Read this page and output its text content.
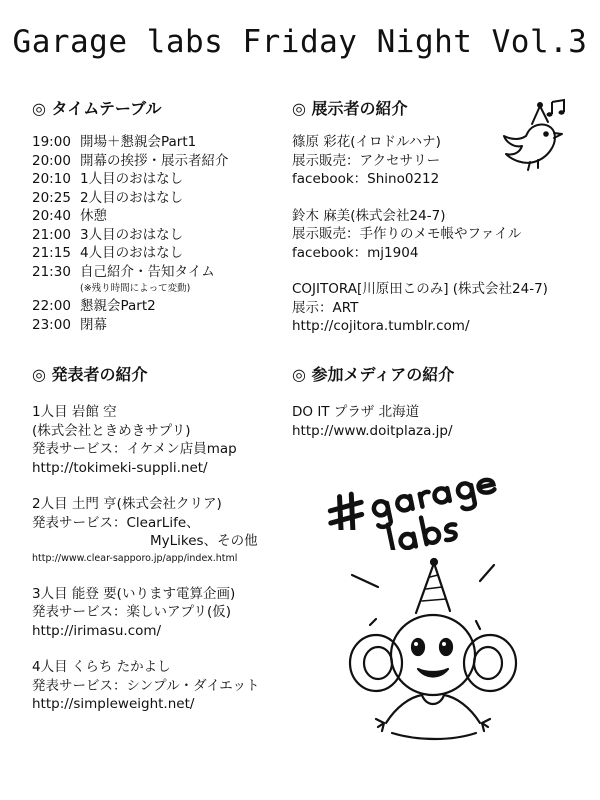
Garage labs Friday Night Vol.3
◎ タイムテーブル
19:00 開場＋懇親会Part1
20:00 開幕の挨拶・展示者紹介
20:10 1人目のおはなし
20:25 2人目のおはなし
20:40 休憩
21:00 3人目のおはなし
21:15 4人目のおはなし
21:30 自己紹介・告知タイム
(※残り時間によって変動)
22:00 懇親会Part2
23:00 閉幕
◎ 展示者の紹介
篠原 彩花(イロドルハナ)
展示販売：アクセサリー
facebook：Shino0212
鈴木 麻美(株式会社24-7)
展示販売：手作りのメモ帳やファイル
facebook：mj1904
COJITORA[川原田このみ] (株式会社24-7)
展示：ART
http://cojitora.tumblr.com/
◎ 発表者の紹介
1人目 岩館 空
(株式会社ときめきサプリ)
発表サービス：イケメン店員map
http://tokimeki-suppli.net/
2人目 土門 亨(株式会社クリア)
発表サービス：ClearLife、
MyLikes、その他
http://www.clear-sapporo.jp/app/index.html
3人目 能登 要(いります電算企画)
発表サービス：楽しいアプリ(仮)
http://irimasu.com/
4人目 くらち たかよし
発表サービス：シンプル・ダイエット
http://simpleweight.net/
◎ 参加メディアの紹介
DO IT プラザ 北海道
http://www.doitplaza.jp/
